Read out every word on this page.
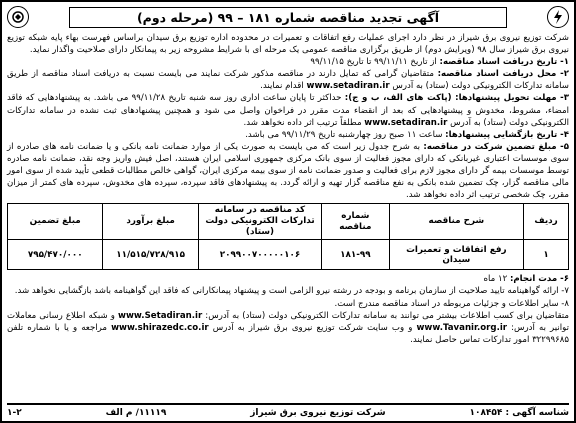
آگهی تجدید مناقصه شماره ۱۸۱ – ۹۹ (مرحله دوم)

شرکت توزیع نیروی برق شیراز در نظر دارد اجرای عملیات رفع اتفاقات و تعمیرات در محدوده اداره توزیع برق سیدان براساس فهرست بهاء پایه شبکه توزیع نیروی برق شیراز سال ۹۸ (ویرایش دوم) از طریق برگزاری مناقصه عمومی یک مرحله ای با شرایط مشروحه زیر به پیمانکار دارای صلاحیت واگذار نماید.

۱- تاریخ دریافت اسناد مناقصه: از تاریخ ۹۹/۱۱/۱۱ تا تاریخ ۹۹/۱۱/۱۵

۲- محل دریافت اسناد مناقصه: متقاضیان گرامی که تمایل دارند در مناقصه مذکور شرکت نمایند می بایست نسبت به دریافت اسناد مناقصه از طریق سامانه تدارکات الکترونیکی دولت (ستاد) به آدرس www.setadiran.ir اقدام نمایند.

۳- مهلت تحویل پیشنهادها: (پاکت های الف، ب و ج): حداکثر تا پایان ساعت اداری روز سه شنبه تاریخ ۹۹/۱۱/۲۸ می باشد. به پیشنهادهایی که فاقد امضاء، مشروط، مخدوش و پیشنهادهایی که بعد از انقضاء مدت مقرر در فراخوان واصل می شود و همچنین پیشنهادهای ثبت نشده در سامانه تدارکات الکترونیکی دولت (ستاد) به آدرس www.setadiran.ir مطلقاً ترتیب اثر داده نخواهد شد.

۴- تاریخ بازگشایی پیشنهادها: ساعت ۱۱ صبح روز چهارشنبه تاریخ ۹۹/۱۱/۲۹ می باشد.

۵- مبلغ تضمین شرکت در مناقصه: به شرح جدول زیر است که می بایست به صورت یکی از موارد ضمانت نامه بانکی و یا ضمانت نامه های صادره از سوی موسسات اعتباری غیربانکی که دارای مجوز فعالیت از سوی بانک مرکزی جمهوری اسلامی ایران هستند، اصل فیش واریز وجه نقد، ضمانت نامه صادره توسط موسسات بیمه گر دارای مجوز لازم برای فعالیت و صدور ضمانت نامه از سوی بیمه مرکزی ایران، گواهی خالص مطالبات قطعی تأیید شده از سوی امور مالی مناقصه گزار، چک تضمین شده بانکی به نفع مناقصه گزار تهیه و ارائه گردد. به پیشنهادهای فاقد سپرده، سپرده های مخدوش، سپرده های کمتر از میزان مقرر، چک شخصی ترتیب اثر داده نخواهد شد.

ردیف	شرح مناقصه	شماره مناقصه	کد مناقصه در سامانه تدارکات الکترونیکی دولت (ستاد)	مبلغ برآورد	مبلغ تضمین
۱	رفع اتفاقات و تعمیرات سیدان	۱۸۱-۹۹	۲۰۹۹۰۰۷۰۰۰۰۰۱۰۶	۱۱/۵۱۵/۷۲۸/۹۱۵	۷۹۵/۴۷۰/۰۰۰

۶- مدت انجام: ۱۲ ماه

۷- ارائه گواهینامه تایید صلاحیت از سازمان برنامه و بودجه در رشته نیرو الزامی است و پیشنهاد پیمانکارانی که فاقد این گواهینامه باشد بازگشایی نخواهد شد.

۸- سایر اطلاعات و جزئیات مربوطه در اسناد مناقصه مندرج است.

متقاضیان برای کسب اطلاعات بیشتر می توانند به سامانه تدارکات الکترونیکی دولت (ستاد) به آدرس: www.Setadiran.ir و شبکه اطلاع رسانی معاملات توانیر به آدرس: www.Tavanir.org.ir و وب سایت شرکت توزیع نیروی برق شیراز به آدرس www.shirazedc.co.ir مراجعه و یا با شماره تلفن ۳۲۲۹۹۶۸۵ امور تدارکات تماس حاصل نمایند.

شناسه آگهی : ۱۰۸۴۵۴
شرکت توزیع نیروی برق شیراز
۱۱۱۱۹/ م الف
۱-۲
